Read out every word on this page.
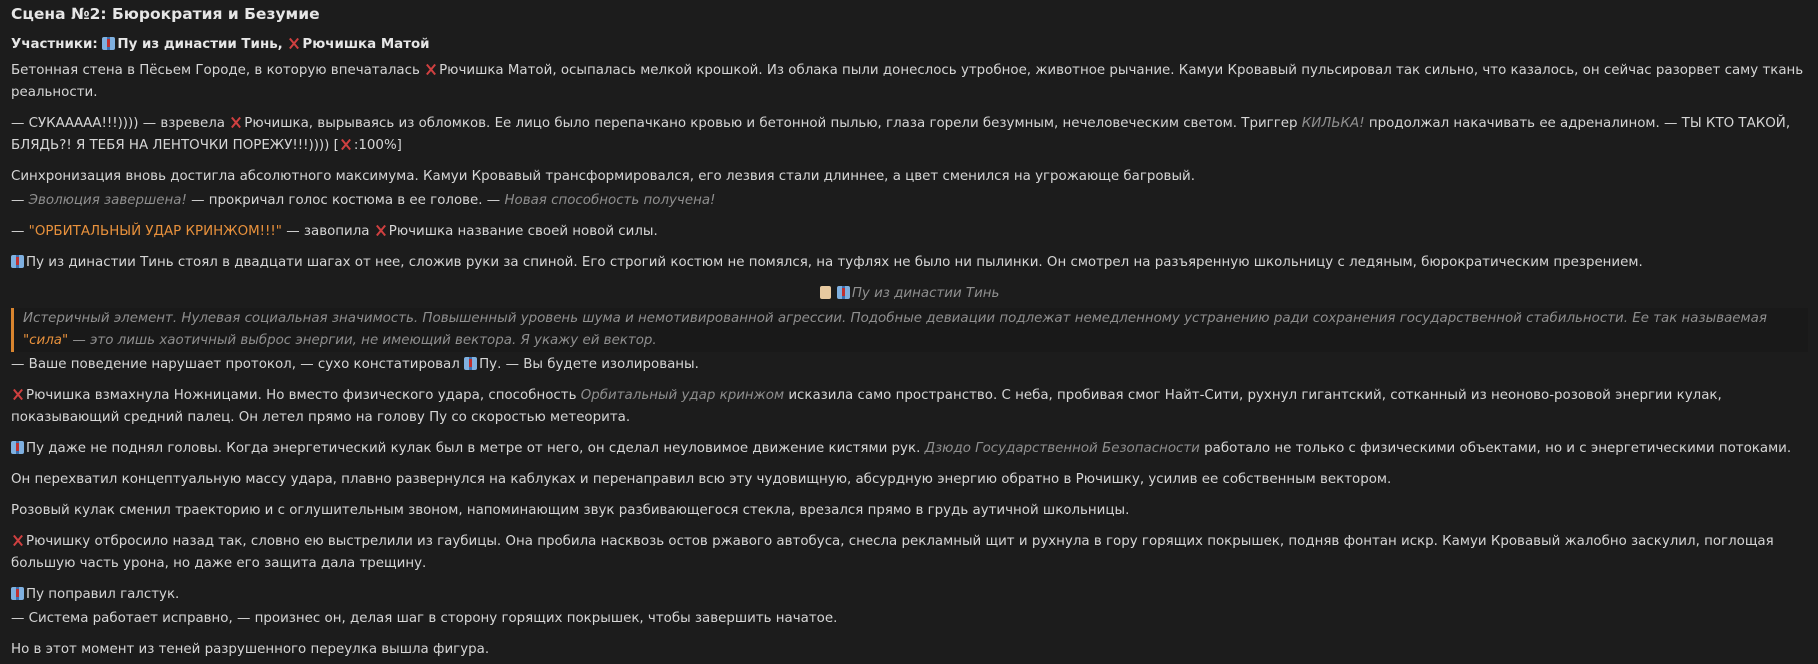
Сцена №2: Бюрократия и Безумие
Участники: Пу из династии Тинь, Рючишка Матой

Бетонная стена в Пёсьем Городе, в которую впечаталась Рючишка Матой, осыпалась мелкой крошкой. Из облака пыли донеслось утробное, животное рычание. Камуи Кровавый пульсировал так сильно, что казалось, он сейчас разорвет саму ткань реальности.

— СУКААААА!!!)))) — взревела Рючишка, вырываясь из обломков. Ее лицо было перепачкано кровью и бетонной пылью, глаза горели безумным, нечеловеческим светом. Триггер КИЛЬКА! продолжал накачивать ее адреналином. — ТЫ КТО ТАКОЙ, БЛЯДЬ?! Я ТЕБЯ НА ЛЕНТОЧКИ ПОРЕЖУ!!!)))) [ :100%]

Синхронизация вновь достигла абсолютного максимума. Камуи Кровавый трансформировался, его лезвия стали длиннее, а цвет сменился на угрожающе багровый.

— Эволюция завершена! — прокричал голос костюма в ее голове. — Новая способность получена!

— "ОРБИТАЛЬНЫЙ УДАР КРИНЖОМ!!!" — завопила Рючишка название своей новой силы.

Пу из династии Тинь стоял в двадцати шагах от нее, сложив руки за спиной. Его строгий костюм не помялся, на туфлях не было ни пылинки. Он смотрел на разъяренную школьницу с ледяным, бюрократическим презрением.

Пу из династии Тинь
Истеричный элемент. Нулевая социальная значимость. Повышенный уровень шума и немотивированной агрессии. Подобные девиации подлежат немедленному устранению ради сохранения государственной стабильности. Ее так называемая "сила" — это лишь хаотичный выброс энергии, не имеющий вектора. Я укажу ей вектор.

— Ваше поведение нарушает протокол, — сухо констатировал Пу. — Вы будете изолированы.

Рючишка взмахнула Ножницами. Но вместо физического удара, способность Орбитальный удар кринжом исказила само пространство. С неба, пробивая смог Найт-Сити, рухнул гигантский, сотканный из неоново-розовой энергии кулак, показывающий средний палец. Он летел прямо на голову Пу со скоростью метеорита.

Пу даже не поднял головы. Когда энергетический кулак был в метре от него, он сделал неуловимое движение кистями рук. Дзюдо Государственной Безопасности работало не только с физическими объектами, но и с энергетическими потоками.

Он перехватил концептуальную массу удара, плавно развернулся на каблуках и перенаправил всю эту чудовищную, абсурдную энергию обратно в Рючишку, усилив ее собственным вектором.

Розовый кулак сменил траекторию и с оглушительным звоном, напоминающим звук разбивающегося стекла, врезался прямо в грудь аутичной школьницы.

Рючишку отбросило назад так, словно ею выстрелили из гаубицы. Она пробила насквозь остов ржавого автобуса, снесла рекламный щит и рухнула в гору горящих покрышек, подняв фонтан искр. Камуи Кровавый жалобно заскулил, поглощая большую часть урона, но даже его защита дала трещину.

Пу поправил галстук.

— Система работает исправно, — произнес он, делая шаг в сторону горящих покрышек, чтобы завершить начатое.

Но в этот момент из теней разрушенного переулка вышла фигура.
